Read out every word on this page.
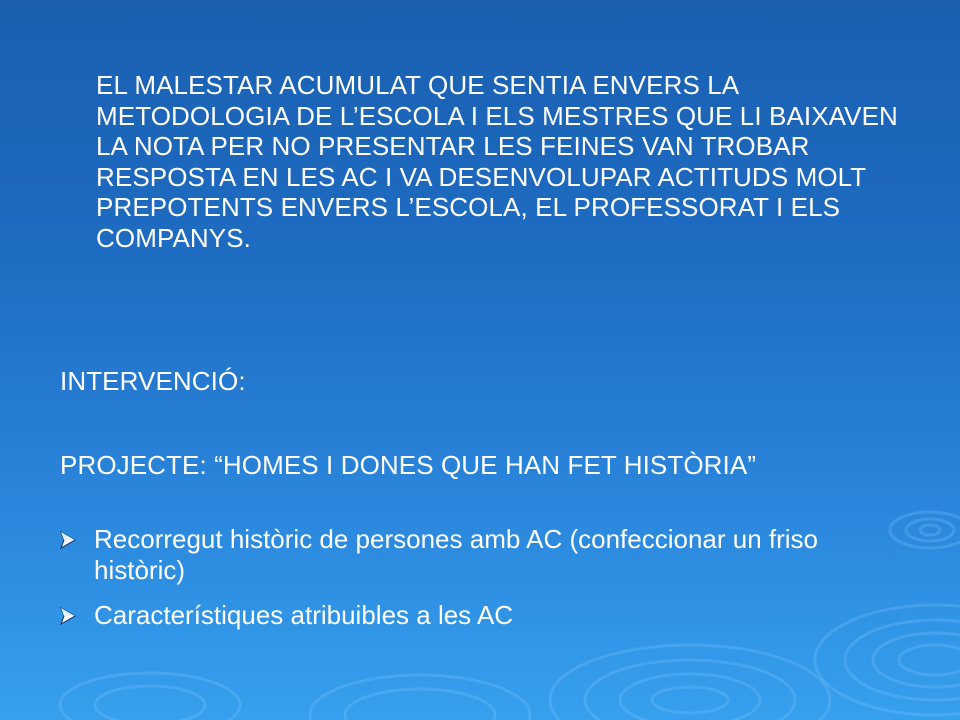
EL MALESTAR ACUMULAT QUE SENTIA ENVERS LA METODOLOGIA DE L’ESCOLA I ELS MESTRES QUE LI BAIXAVEN LA NOTA PER NO PRESENTAR LES FEINES VAN TROBAR RESPOSTA EN LES AC I VA DESENVOLUPAR ACTITUDS MOLT PREPOTENTS ENVERS L’ESCOLA, EL PROFESSORAT I ELS COMPANYS.

INTERVENCIÓ:

PROJECTE: “HOMES I DONES QUE HAN FET HISTÒRIA”

Recorregut històric de persones amb AC (confeccionar un friso històric)
Característiques atribuibles a les AC
